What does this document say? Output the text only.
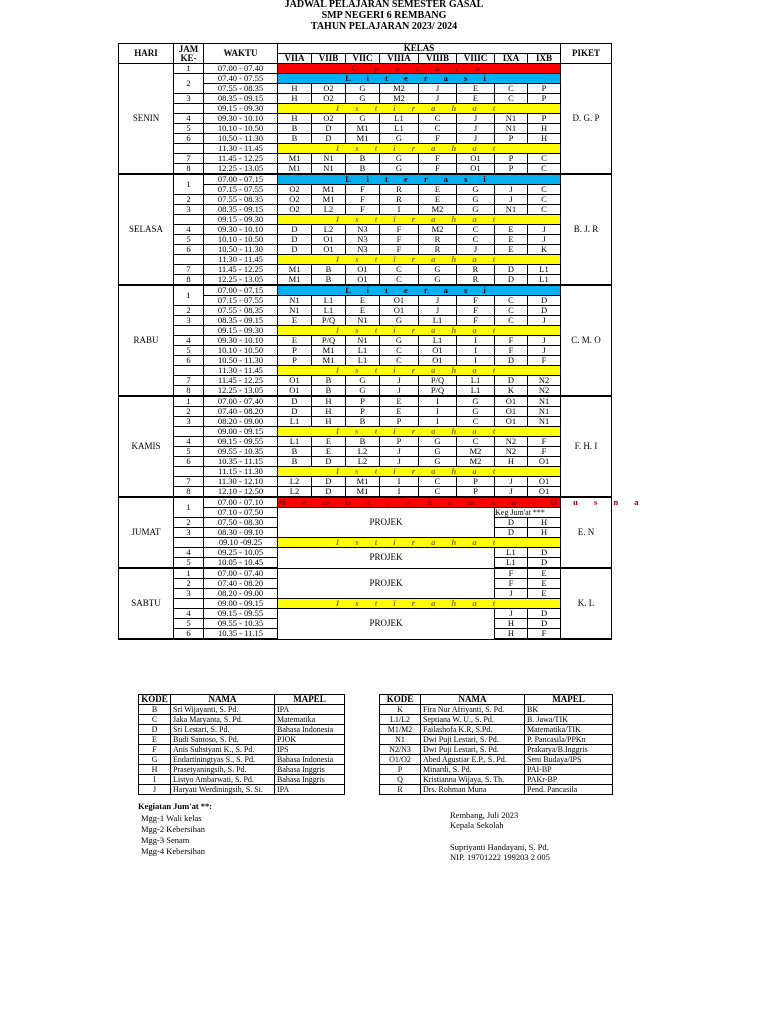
JADWAL PELAJARAN SEMESTER GASAL
SMP NEGERI 6 REMBANG
TAHUN PELAJARAN 2023/ 2024
HARI	JAM KE-	WAKTU	KELAS								PIKET
			VIIA	VIIB	VIIC	VIIIA	VIIIB	VIIIC	IXA	IXB	
SENIN	1	07.00 - 07.40	U p a c a r a								D. G. P
	2	07.40 - 07.55	L i t e r a s i								
		07.55 - 08.35	H	O2	G	M2	J	E	C	P	
	3	08.35 - 09.15	H	O2	G	M2	J	E	C	P	
		09.15 - 09.30	I s t i r a h a t								
	4	09.30 - 10.10	H	O2	G	L1	C	J	N1	P	
	5	10.10 - 10.50	B	D	M1	L1	C	J	N1	H	
	6	10.50 - 11.30	B	D	M1	G	F	J	P	H	
		11.30 - 11.45	I s t i r a h a t								
	7	11.45 - 12.25	M1	N1	B	G	F	O1	P	C	
	8	12.25 - 13.05	M1	N1	B	G	F	O1	P	C	
SELASA	1	07.00 - 07.15	L i t e r a s i								B. J. R
		07.15 - 07.55	O2	M1	F	R	E	G	J	C	
	2	07.55 - 08.35	O2	M1	F	R	E	G	J	C	
	3	08.35 - 09.15	O2	L2	F	I	M2	G	N1	C	
		09.15 - 09.30	I s t i r a h a t								
	4	09.30 - 10.10	D	L2	N3	F	M2	C	E	J	
	5	10.10 - 10.50	D	O1	N3	F	R	C	E	J	
	6	10.50 - 11.30	D	O1	N3	F	R	J	E	K	
		11.30 - 11.45	I s t i r a h a t								
	7	11.45 - 12.25	M1	B	O1	C	G	R	D	L1	
	8	12.25 - 13.05	M1	B	O1	C	G	R	D	L1	
RABU	1	07.00 - 07.15	L i t e r a s i								C. M. O
		07.15 - 07.55	N1	L1	E	O1	J	F	C	D	
	2	07.55 - 08.35	N1	L1	E	O1	J	F	C	D	
	3	08.35 - 09.15	E	P/Q	N1	G	L1	F	C	J	
		09.15 - 09.30	I s t i r a h a t								
	4	09.30 - 10.10	E	P/Q	N1	G	L1	I	F	J	
	5	10.10 - 10.50	P	M1	L1	C	O1	I	F	J	
	6	10.50 - 11.30	P	M1	L1	C	O1	I	D	F	
		11.30 - 11.45	I s t i r a h a t								
	7	11.45 - 12.25	O1	B	G	J	P/Q	L1	D	N2	
	8	12.25 - 13.05	O1	B	G	J	P/Q	L1	K	N2	
KAMIS	1	07.00 - 07.40	D	H	P	E	I	G	O1	N1	F. H. I
	2	07.40 - 08.20	D	H	P	E	I	G	O1	N1	
	3	08.20 - 09.00	L1	H	B	P	I	C	O1	N1	
		09.00 - 09.15	I s t i r a h a t								
	4	09.15 - 09.55	L1	E	B	P	G	C	N2	F	
	5	09.55 - 10.35	B	E	L2	J	G	M2	N2	F	
	6	10.35 - 11.15	B	D	L2	J	G	M2	H	O1	
		11.15 - 11.30	I s t i r a h a t								
	7	11.30 - 12.10	L2	D	M1	I	C	P	J	O1	
	8	12.10 - 12.50	L2	D	M1	I	C	P	J	O1	
JUMAT	1	07.00 - 07.10	M e m b a c a A s m a u l H u s n a								E. N
		07.10 - 07.50	PROJEK						Keg Jum'at ***		
	2	07.50 - 08.30							D	H	
	3	08.30 - 09.10							D	H	
		09.10 -09.25	I s t i r a h a t								
	4	09.25 - 10.05	PROJEK						L1	D	
	5	10.05 - 10.45							L1	D	
SABTU	1	07.00 - 07.40	PROJEK						F	E	K. L
	2	07.40 - 08.20							F	E	
	3	08.20 - 09.00							J	E	
		09.00 - 09.15	I s t i r a h a t								
	4	09.15 - 09.55	PROJEK						J	D	
	5	09.55 - 10.35							H	D	
	6	10.35 - 11.15							H	F	
KODE	NAMA	MAPEL
B	Sri Wijayanti, S. Pd.	IPA
C	Jaka Maryanta, S. Pd.	Matematika
D	Sri Lestari, S. Pd.	Bahasa Indonesia
E	Budi Santoso, S. Pd.	PJOK
F	Anis Suhstyani K., S. Pd.	IPS
G	Endartiningtyas S., S. Pd.	Bahasa Indonesia
H	Prasetyaningsih, S. Pd.	Bahasa Inggris
I	Listyo Ambarwati, S. Pd.	Bahasa Inggris
J	Haryati Werdiningsih, S. Si.	IPA
KODE	NAMA	MAPEL
K	Fira Nur Afriyanti, S. Pd.	BK
L1/L2	Septiana W. U., S. Pd.	B. Jawa/TIK
M1/M2	Failashofa K.R, S.Pd.	Matematika/TIK
N1	Dwi Puji Lestari, S. Pd.	P. Pancasila/PPKn
N2/N3	Dwi Puji Lestari, S. Pd.	Prakarya/B.Inggris
O1/O2	Abed Agustiar E.P., S. Pd.	Seni Budaya/IPS
P	Minardi, S. Pd.	PAI-BP
Q	Kristianna Wijaya, S. Th.	PAKr-BP
R	Drs. Rohman Muna	Pend. Pancasila
Kegiatan Jum'at **:
Mgg-1 Wali kelas
Mgg-2 Kebersihan
Mgg-3 Senam
Mgg-4 Kebersihan
Rembang, Juli 2023
Kepala Sekolah
Supriyanti Handayani, S. Pd.
NIP. 19701222 199203 2 005
